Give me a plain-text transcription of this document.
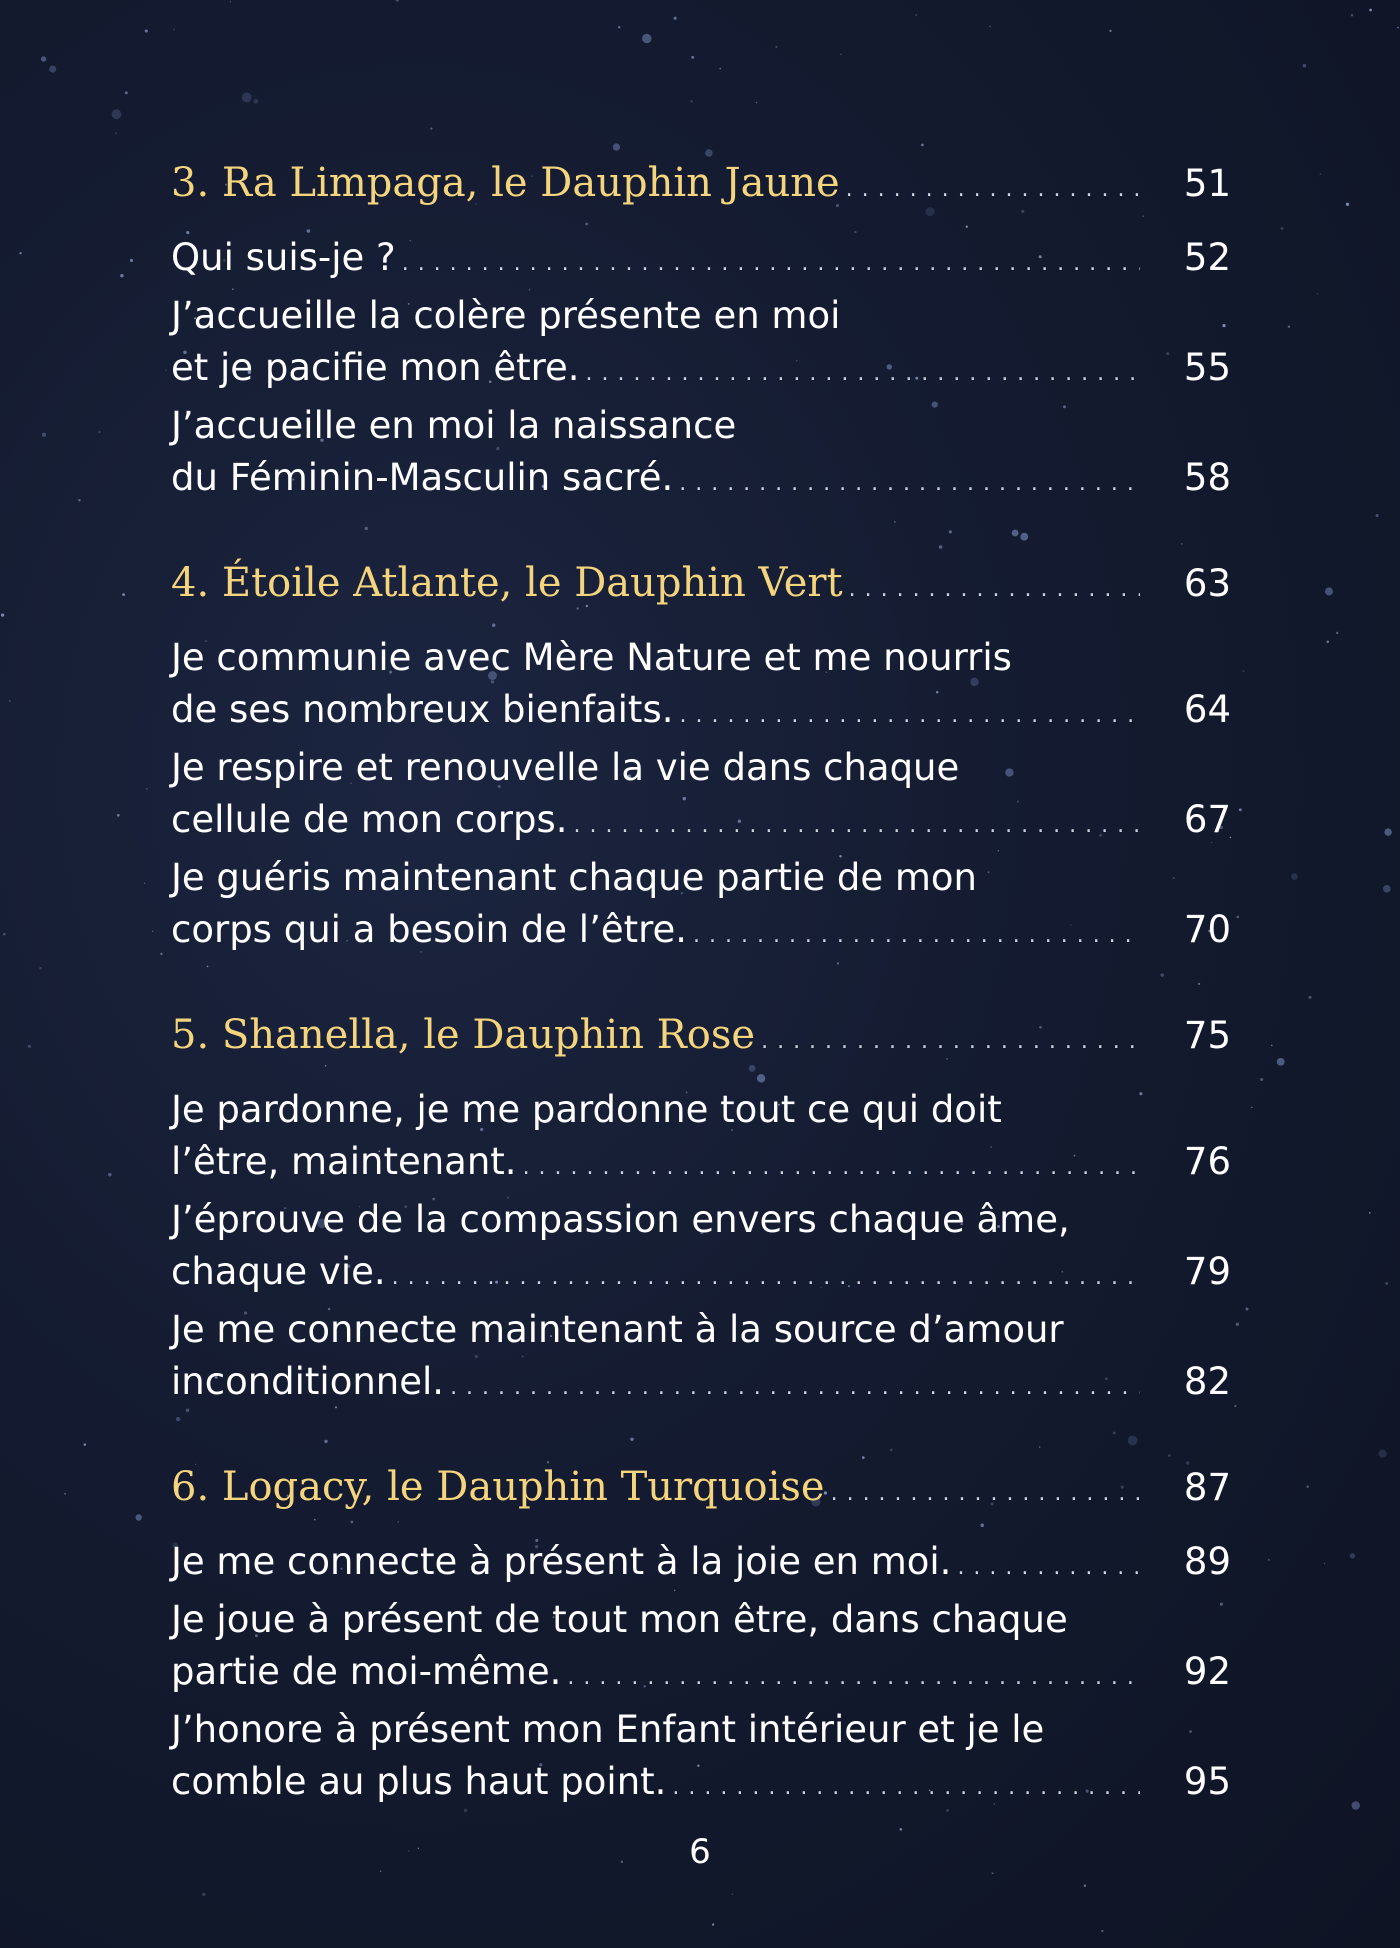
3. Ra Limpaga, le Dauphin Jaune . . .	51
Qui suis-je ? . . .	52
J’accueille la colère présente en moi
et je pacifie mon être. . . .	55
J’accueille en moi la naissance
du Féminin-Masculin sacré. . . .	58
4. Étoile Atlante, le Dauphin Vert . . .	63
Je communie avec Mère Nature et me nourris
de ses nombreux bienfaits. . . .	64
Je respire et renouvelle la vie dans chaque
cellule de mon corps. . . .	67
Je guéris maintenant chaque partie de mon
corps qui a besoin de l’être. . . .	70
5. Shanella, le Dauphin Rose . . .	75
Je pardonne, je me pardonne tout ce qui doit
l’être, maintenant. . . .	76
J’éprouve de la compassion envers chaque âme,
chaque vie. . . .	79
Je me connecte maintenant à la source d’amour
inconditionnel. . . .	82
6. Logacy, le Dauphin Turquoise . . .	87
Je me connecte à présent à la joie en moi. . . .	89
Je joue à présent de tout mon être, dans chaque
partie de moi-même. . . .	92
J’honore à présent mon Enfant intérieur et je le
comble au plus haut point. . . .	95
6
